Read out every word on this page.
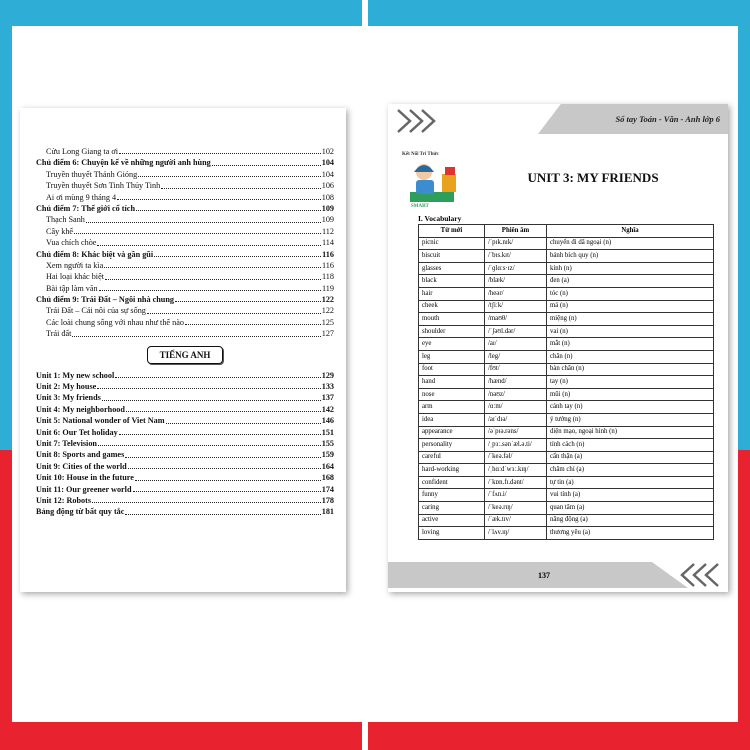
Cửu Long Giang ta ơi	102
Chủ điểm 6: Chuyện kể về những người anh hùng	104
Truyền thuyết Thánh Gióng	104
Truyền thuyết Sơn Tinh Thủy Tinh	106
Ai ơi mùng 9 tháng 4	108
Chủ điểm 7: Thế giới cổ tích	109
Thạch Sanh	109
Cây khế	112
Vua chích chòe	114
Chủ điểm 8: Khác biệt và gần gũi	116
Xem người ta kìa	116
Hai loại khác biệt	118
Bài tập làm văn	119
Chủ điểm 9: Trái Đất – Ngôi nhà chung	122
Trái Đất – Cái nôi của sự sống	122
Các loài chung sống với nhau như thế nào	125
Trái đất	127
TIẾNG ANH
Unit 1: My new school	129
Unit 2: My house	133
Unit 3: My friends	137
Unit 4: My neighborhood	142
Unit 5: National wonder of Viet Nam	146
Unit 6: Our Tet holiday	151
Unit 7: Television	155
Unit 8: Sports and games	159
Unit 9: Cities of the world	164
Unit 10: House in the future	168
Unit 11: Our greener world	174
Unit 12: Robots	178
Bảng động từ bất quy tắc	181
Sổ tay Toán - Văn - Anh lớp 6
Kết Nối Tri Thức
SMART
UNIT 3: MY FRIENDS
I. Vocabulary
Từ mới	Phiên âm	Nghĩa
picnic	/ˈpɪk.nɪk/	chuyến đi dã ngoại (n)
biscuit	/ˈbɪs.kɪt/	bánh bích quy (n)
glasses	/ˈɡlɑːs·ɪz/	kính (n)
black	/blæk/	đen (a)
hair	/heər/	tóc (n)
cheek	/tʃiːk/	má (n)
mouth	/maʊθ/	miệng (n)
shoulder	/ˈʃəʊl.dər/	vai (n)
eye	/aɪ/	mắt (n)
leg	/leg/	chân (n)
foot	/fʊt/	bàn chân (n)
hand	/hænd/	tay (n)
nose	/nəʊz/	mũi (n)
arm	/ɑːm/	cánh tay (n)
idea	/aɪˈdɪə/	ý tưởng (n)
appearance	/əˈpɪə.rəns/	diện mạo, ngoại hình (n)
personality	/ˌpɜː.sənˈæl.ə.ti/	tính cách (n)
careful	/ˈkeə.fəl/	cẩn thận (a)
hard-working	/ˌhɑːdˈwɜː.kɪŋ/	chăm chỉ (a)
confident	/ˈkɒn.fɪ.dənt/	tự tin (a)
funny	/ˈfʌn.i/	vui tính (a)
caring	/ˈkeə.rɪŋ/	quan tâm (a)
active	/ˈæk.tɪv/	năng động (a)
loving	/ˈlʌv.ɪŋ/	thương yêu (a)
137
